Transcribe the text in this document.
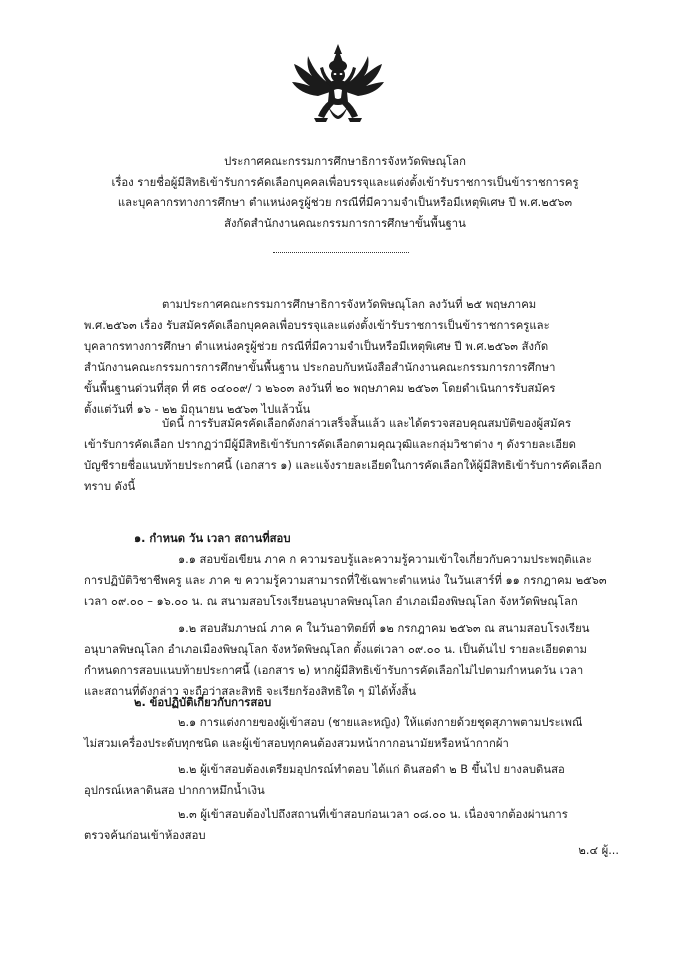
ประกาศคณะกรรมการศึกษาธิการจังหวัดพิษณุโลก
เรื่อง รายชื่อผู้มีสิทธิเข้ารับการคัดเลือกบุคคลเพื่อบรรจุและแต่งตั้งเข้ารับราชการเป็นข้าราชการครู
และบุคลากรทางการศึกษา ตำแหน่งครูผู้ช่วย กรณีที่มีความจำเป็นหรือมีเหตุพิเศษ ปี พ.ศ.๒๕๖๓
สังกัดสำนักงานคณะกรรมการการศึกษาขั้นพื้นฐาน
ตามประกาศคณะกรรมการศึกษาธิการจังหวัดพิษณุโลก ลงวันที่ ๒๕ พฤษภาคม
พ.ศ.๒๕๖๓ เรื่อง รับสมัครคัดเลือกบุคคลเพื่อบรรจุและแต่งตั้งเข้ารับราชการเป็นข้าราชการครูและ
บุคลากรทางการศึกษา ตำแหน่งครูผู้ช่วย กรณีที่มีความจำเป็นหรือมีเหตุพิเศษ ปี พ.ศ.๒๕๖๓ สังกัด
สำนักงานคณะกรรมการการศึกษาขั้นพื้นฐาน ประกอบกับหนังสือสำนักงานคณะกรรมการการศึกษา
ขั้นพื้นฐานด่วนที่สุด ที่ ศธ ๐๔๐๐๙/ ว ๒๖๐๓ ลงวันที่ ๒๐ พฤษภาคม ๒๕๖๓ โดยดำเนินการรับสมัคร
ตั้งแต่วันที่ ๑๖ - ๒๒ มิถุนายน ๒๕๖๓ ไปแล้วนั้น
บัดนี้ การรับสมัครคัดเลือกดังกล่าวเสร็จสิ้นแล้ว และได้ตรวจสอบคุณสมบัติของผู้สมัคร
เข้ารับการคัดเลือก ปรากฏว่ามีผู้มีสิทธิเข้ารับการคัดเลือกตามคุณวุฒิและกลุ่มวิชาต่าง ๆ ดังรายละเอียด
บัญชีรายชื่อแนบท้ายประกาศนี้ (เอกสาร ๑) และแจ้งรายละเอียดในการคัดเลือกให้ผู้มีสิทธิเข้ารับการคัดเลือก
ทราบ ดังนี้
๑. กำหนด วัน เวลา สถานที่สอบ
๑.๑ สอบข้อเขียน ภาค ก ความรอบรู้และความรู้ความเข้าใจเกี่ยวกับความประพฤติและ
การปฏิบัติวิชาชีพครู และ ภาค ข ความรู้ความสามารถที่ใช้เฉพาะตำแหน่ง ในวันเสาร์ที่ ๑๑ กรกฎาคม ๒๕๖๓
เวลา ๐๙.๐๐ – ๑๖.๐๐ น. ณ สนามสอบโรงเรียนอนุบาลพิษณุโลก อำเภอเมืองพิษณุโลก จังหวัดพิษณุโลก
๑.๒ สอบสัมภาษณ์ ภาค ค ในวันอาทิตย์ที่ ๑๒ กรกฎาคม ๒๕๖๓ ณ สนามสอบโรงเรียน
อนุบาลพิษณุโลก อำเภอเมืองพิษณุโลก จังหวัดพิษณุโลก ตั้งแต่เวลา ๐๙.๐๐ น. เป็นต้นไป รายละเอียดตาม
กำหนดการสอบแนบท้ายประกาศนี้ (เอกสาร ๒) หากผู้มีสิทธิเข้ารับการคัดเลือกไม่ไปตามกำหนดวัน เวลา
และสถานที่ดังกล่าว จะถือว่าสละสิทธิ จะเรียกร้องสิทธิใด ๆ มิได้ทั้งสิ้น
๒. ข้อปฏิบัติเกี่ยวกับการสอบ
๒.๑ การแต่งกายของผู้เข้าสอบ (ชายและหญิง) ให้แต่งกายด้วยชุดสุภาพตามประเพณี
ไม่สวมเครื่องประดับทุกชนิด และผู้เข้าสอบทุกคนต้องสวมหน้ากากอนามัยหรือหน้ากากผ้า
๒.๒ ผู้เข้าสอบต้องเตรียมอุปกรณ์ทำตอบ ได้แก่ ดินสอดำ ๒ B ขึ้นไป ยางลบดินสอ
อุปกรณ์เหลาดินสอ ปากกาหมึกน้ำเงิน
๒.๓ ผู้เข้าสอบต้องไปถึงสถานที่เข้าสอบก่อนเวลา ๐๘.๐๐ น. เนื่องจากต้องผ่านการ
ตรวจค้นก่อนเข้าห้องสอบ
๒.๔ ผู้...
